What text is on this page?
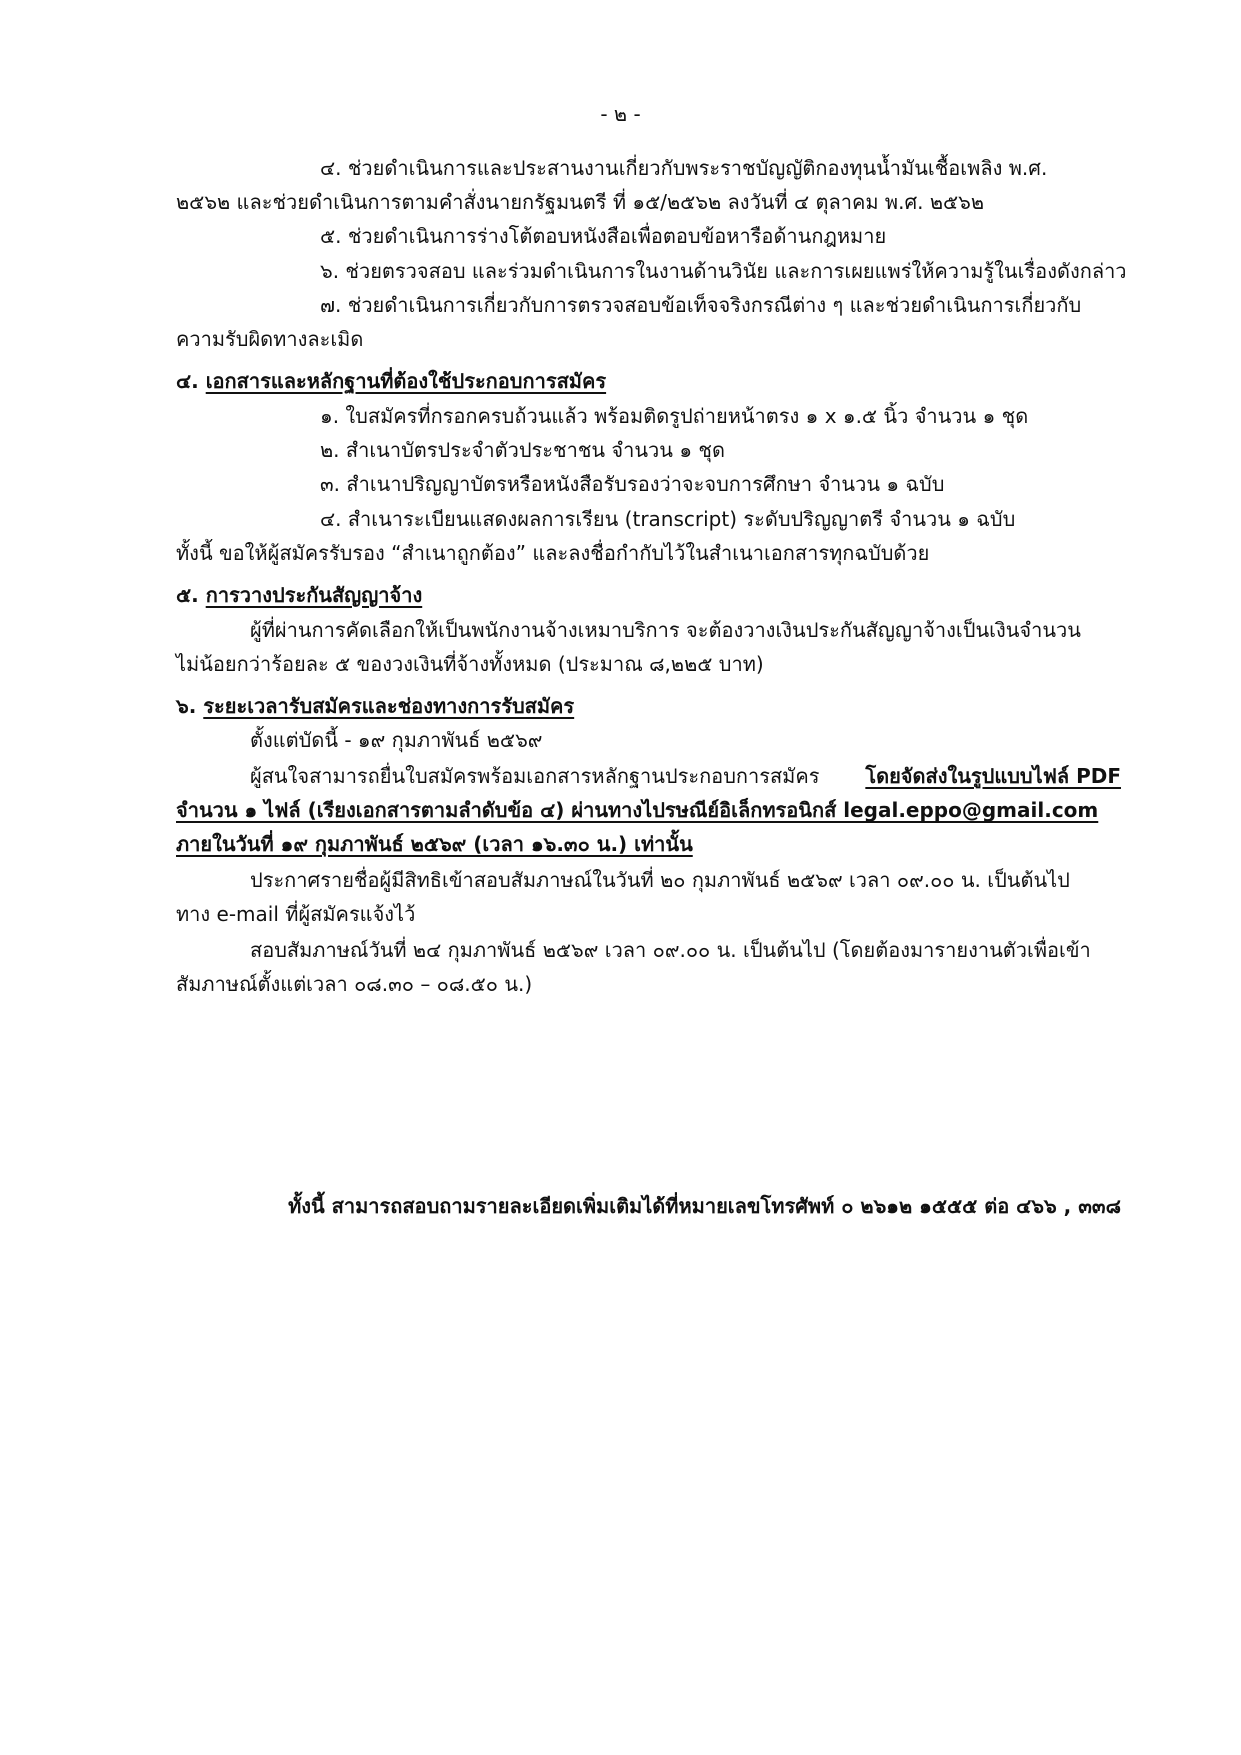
- ๒ -
๔. ช่วยดำเนินการและประสานงานเกี่ยวกับพระราชบัญญัติกองทุนน้ำมันเชื้อเพลิง พ.ศ.
๒๕๖๒ และช่วยดำเนินการตามคำสั่งนายกรัฐมนตรี ที่ ๑๕/๒๕๖๒ ลงวันที่ ๔ ตุลาคม พ.ศ. ๒๕๖๒
๕. ช่วยดำเนินการร่างโต้ตอบหนังสือเพื่อตอบข้อหารือด้านกฎหมาย
๖. ช่วยตรวจสอบ และร่วมดำเนินการในงานด้านวินัย และการเผยแพร่ให้ความรู้ในเรื่องดังกล่าว
๗. ช่วยดำเนินการเกี่ยวกับการตรวจสอบข้อเท็จจริงกรณีต่าง ๆ และช่วยดำเนินการเกี่ยวกับ
ความรับผิดทางละเมิด
๔. เอกสารและหลักฐานที่ต้องใช้ประกอบการสมัคร
๑. ใบสมัครที่กรอกครบถ้วนแล้ว พร้อมติดรูปถ่ายหน้าตรง ๑ x ๑.๕ นิ้ว จำนวน ๑ ชุด
๒. สำเนาบัตรประจำตัวประชาชน จำนวน ๑ ชุด
๓. สำเนาปริญญาบัตรหรือหนังสือรับรองว่าจะจบการศึกษา จำนวน ๑ ฉบับ
๔. สำเนาระเบียนแสดงผลการเรียน (transcript) ระดับปริญญาตรี จำนวน ๑ ฉบับ
ทั้งนี้ ขอให้ผู้สมัครรับรอง “สำเนาถูกต้อง” และลงชื่อกำกับไว้ในสำเนาเอกสารทุกฉบับด้วย
๕. การวางประกันสัญญาจ้าง
ผู้ที่ผ่านการคัดเลือกให้เป็นพนักงานจ้างเหมาบริการ จะต้องวางเงินประกันสัญญาจ้างเป็นเงินจำนวน
ไม่น้อยกว่าร้อยละ ๕ ของวงเงินที่จ้างทั้งหมด (ประมาณ ๘,๒๒๕ บาท)
๖. ระยะเวลารับสมัครและช่องทางการรับสมัคร
ตั้งแต่บัดนี้ - ๑๙ กุมภาพันธ์ ๒๕๖๙
ผู้สนใจสามารถยื่นใบสมัครพร้อมเอกสารหลักฐานประกอบการสมัคร โดยจัดส่งในรูปแบบไฟล์ PDF
จำนวน ๑ ไฟล์ (เรียงเอกสารตามลำดับข้อ ๔) ผ่านทางไปรษณีย์อิเล็กทรอนิกส์ legal.eppo@gmail.com
ภายในวันที่ ๑๙ กุมภาพันธ์ ๒๕๖๙ (เวลา ๑๖.๓๐ น.) เท่านั้น
ประกาศรายชื่อผู้มีสิทธิเข้าสอบสัมภาษณ์ในวันที่ ๒๐ กุมภาพันธ์ ๒๕๖๙ เวลา ๐๙.๐๐ น. เป็นต้นไป
ทาง e-mail ที่ผู้สมัครแจ้งไว้
สอบสัมภาษณ์วันที่ ๒๔ กุมภาพันธ์ ๒๕๖๙ เวลา ๐๙.๐๐ น. เป็นต้นไป (โดยต้องมารายงานตัวเพื่อเข้า
สัมภาษณ์ตั้งแต่เวลา ๐๘.๓๐ – ๐๘.๕๐ น.)
ทั้งนี้ สามารถสอบถามรายละเอียดเพิ่มเติมได้ที่หมายเลขโทรศัพท์ ๐ ๒๖๑๒ ๑๕๕๕ ต่อ ๔๖๖ , ๓๓๘
